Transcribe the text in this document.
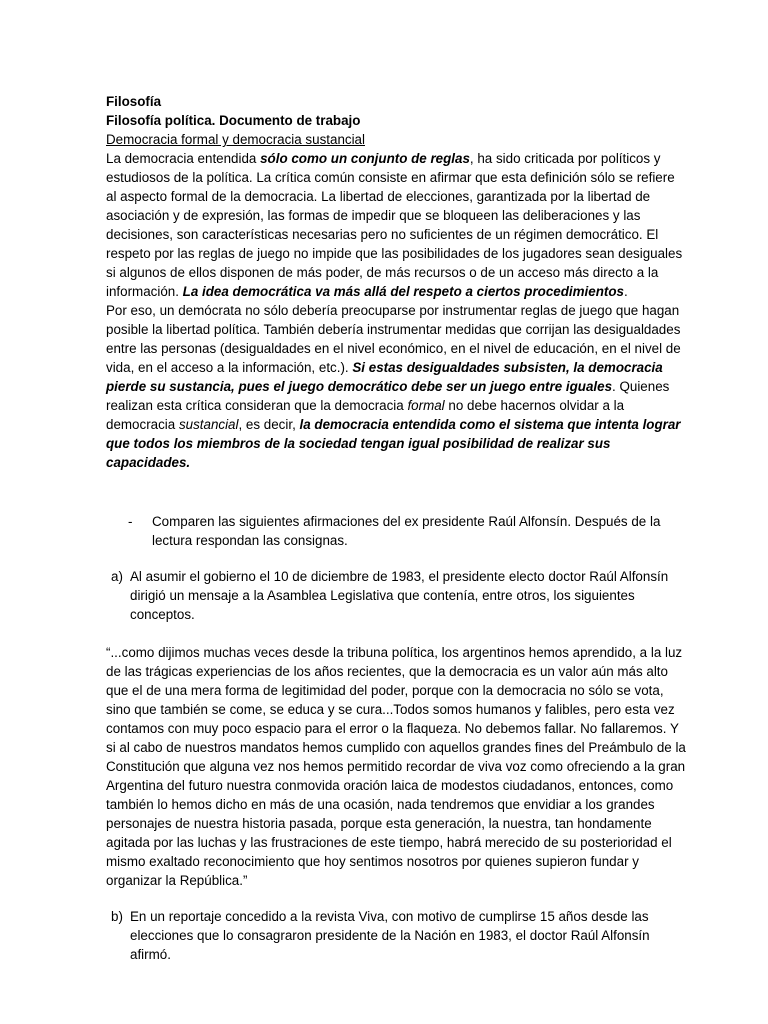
Filosofía

Filosofía política. Documento de trabajo

Democracia formal y democracia sustancial

La democracia entendida sólo como un conjunto de reglas, ha sido criticada por políticos y estudiosos de la política. La crítica común consiste en afirmar que esta definición sólo se refiere al aspecto formal de la democracia. La libertad de elecciones, garantizada por la libertad de asociación y de expresión, las formas de impedir que se bloqueen las deliberaciones y las decisiones, son características necesarias pero no suficientes de un régimen democrático. El respeto por las reglas de juego no impide que las posibilidades de los jugadores sean desiguales si algunos de ellos disponen de más poder, de más recursos o de un acceso más directo a la información. La idea democrática va más allá del respeto a ciertos procedimientos.

Por eso, un demócrata no sólo debería preocuparse por instrumentar reglas de juego que hagan posible la libertad política. También debería instrumentar medidas que corrijan las desigualdades entre las personas (desigualdades en el nivel económico, en el nivel de educación, en el nivel de vida, en el acceso a la información, etc.). Si estas desigualdades subsisten, la democracia pierde su sustancia, pues el juego democrático debe ser un juego entre iguales. Quienes realizan esta crítica consideran que la democracia formal no debe hacernos olvidar a la democracia sustancial, es decir, la democracia entendida como el sistema que intenta lograr que todos los miembros de la sociedad tengan igual posibilidad de realizar sus capacidades.

- Comparen las siguientes afirmaciones del ex presidente Raúl Alfonsín. Después de la lectura respondan las consignas.
a) Al asumir el gobierno el 10 de diciembre de 1983, el presidente electo doctor Raúl Alfonsín dirigió un mensaje a la Asamblea Legislativa que contenía, entre otros, los siguientes conceptos.

“...como dijimos muchas veces desde la tribuna política, los argentinos hemos aprendido, a la luz de las trágicas experiencias de los años recientes, que la democracia es un valor aún más alto que el de una mera forma de legitimidad del poder, porque con la democracia no sólo se vota, sino que también se come, se educa y se cura...Todos somos humanos y falibles, pero esta vez contamos con muy poco espacio para el error o la flaqueza. No debemos fallar. No fallaremos. Y si al cabo de nuestros mandatos hemos cumplido con aquellos grandes fines del Preámbulo de la Constitución que alguna vez nos hemos permitido recordar de viva voz como ofreciendo a la gran Argentina del futuro nuestra conmovida oración laica de modestos ciudadanos, entonces, como también lo hemos dicho en más de una ocasión, nada tendremos que envidiar a los grandes personajes de nuestra historia pasada, porque esta generación, la nuestra, tan hondamente agitada por las luchas y las frustraciones de este tiempo, habrá merecido de su posterioridad el mismo exaltado reconocimiento que hoy sentimos nosotros por quienes supieron fundar y organizar la República.”

b) En un reportaje concedido a la revista Viva, con motivo de cumplirse 15 años desde las elecciones que lo consagraron presidente de la Nación en 1983, el doctor Raúl Alfonsín afirmó.
